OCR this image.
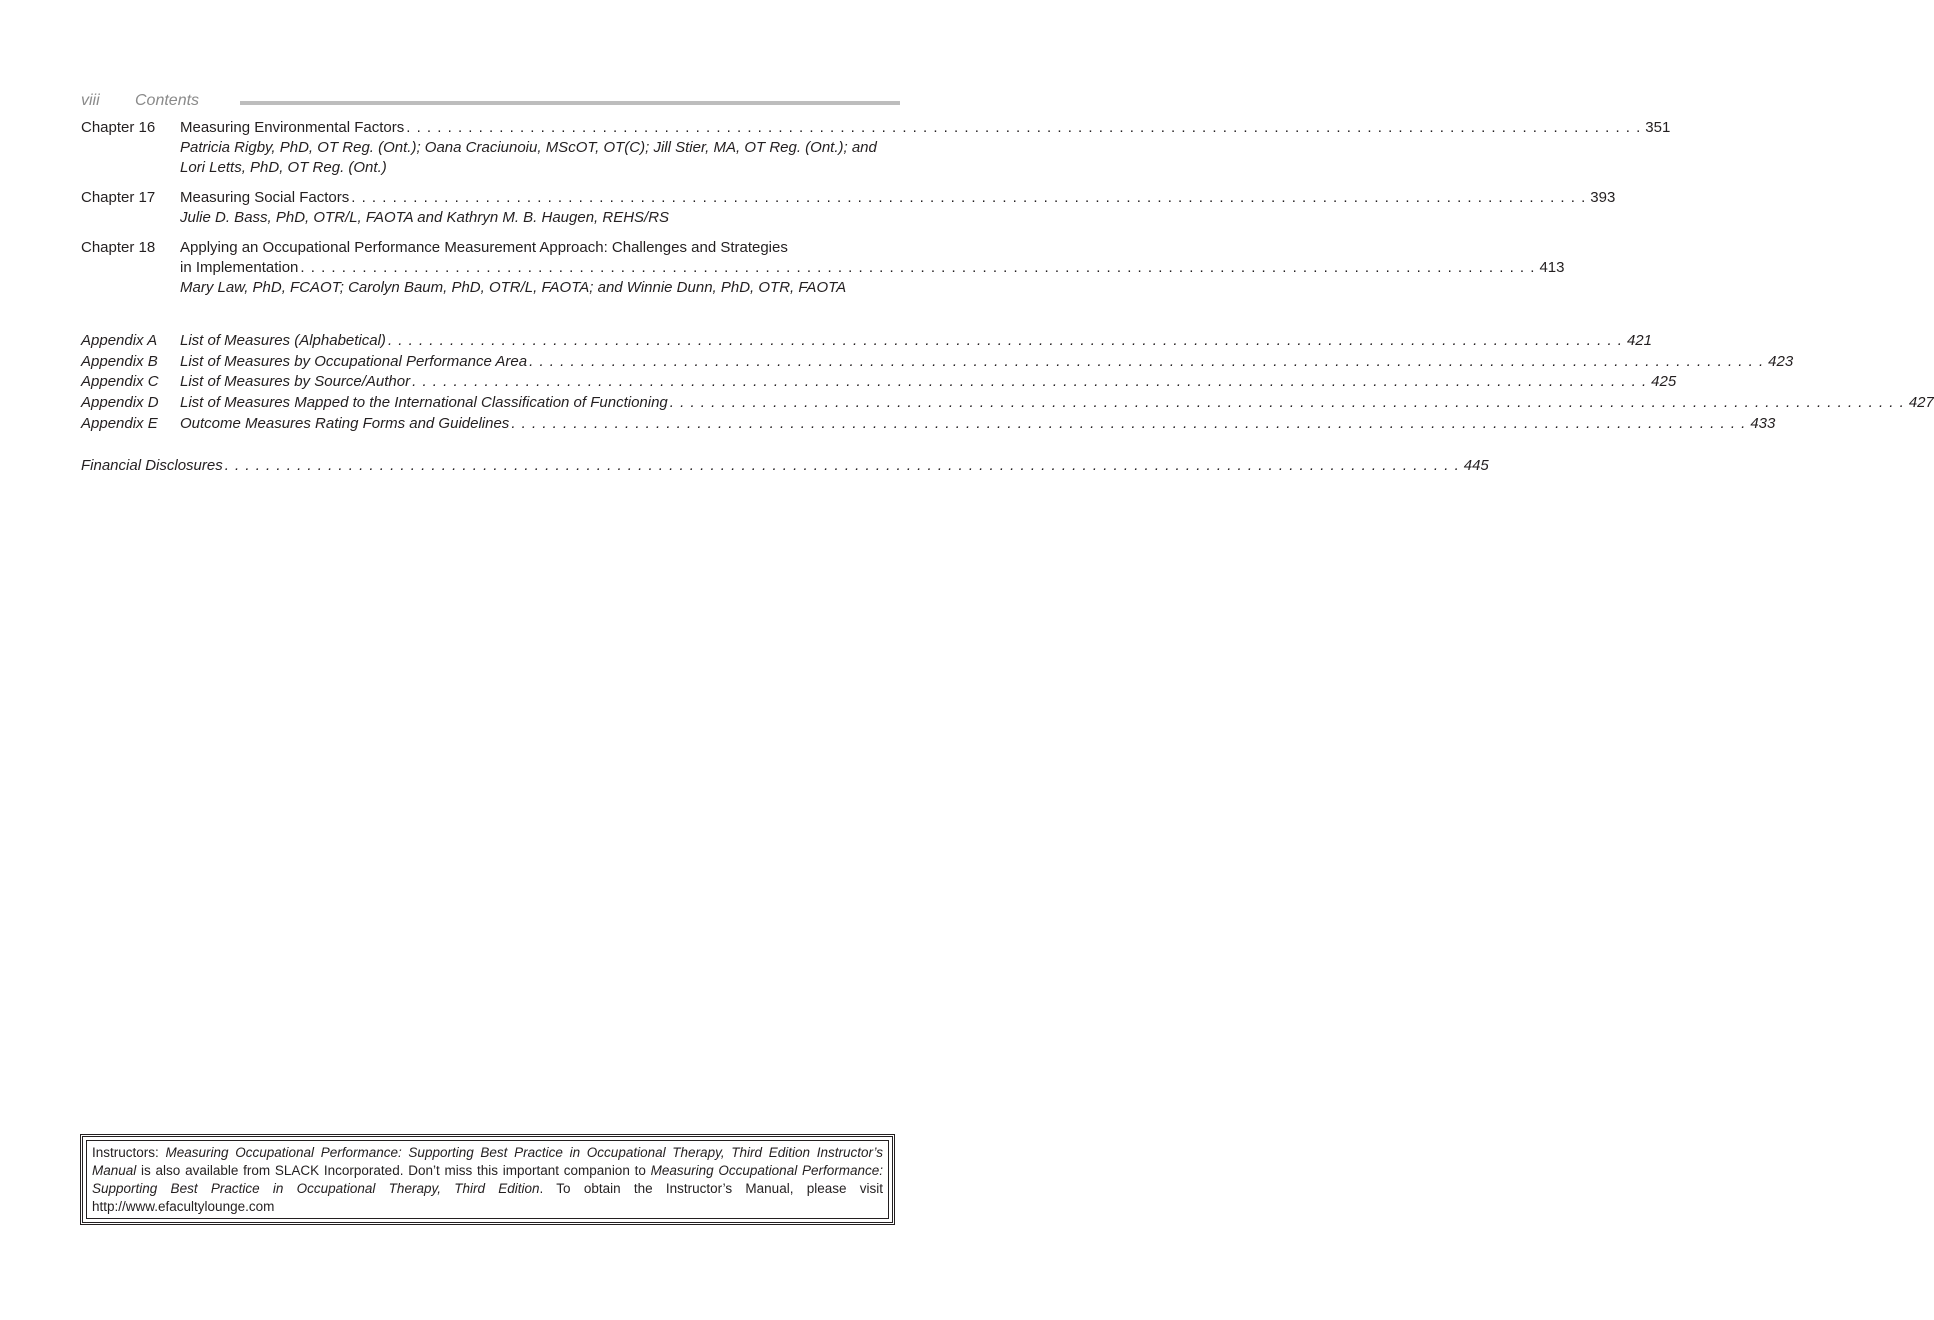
viii Contents
Chapter 16 Measuring Environmental Factors . . . . . . . . . . . . . . . . . . . . . . . . . . . . . . . . . . . . . . . . . . . . . . . . . . . . . . . . . . . . . . . . . . . . . . . . . . . . . . . . . . . . . . . . . . . . . . . . . . . . . . . . . . . . . . . . . . . . . . . . 351
Patricia Rigby, PhD, OT Reg. (Ont.); Oana Craciunoiu, MScOT, OT(C); Jill Stier, MA, OT Reg. (Ont.); and
Lori Letts, PhD, OT Reg. (Ont.)
Chapter 17 Measuring Social Factors . . . . . . . . . . . . . . . . . . . . . . . . . . . . . . . . . . . . . . . . . . . . . . . . . . . . . . . . . . . . . . . . . . . . . . . . . . . . . . . . . . . . . . . . . . . . . . . . . . . . . . . . . . . . . . . . . . . . . . . . 393
Julie D. Bass, PhD, OTR/L, FAOTA and Kathryn M. B. Haugen, REHS/RS
Chapter 18 Applying an Occupational Performance Measurement Approach: Challenges and Strategies
in Implementation . . . . . . . . . . . . . . . . . . . . . . . . . . . . . . . . . . . . . . . . . . . . . . . . . . . . . . . . . . . . . . . . . . . . . . . . . . . . . . . . . . . . . . . . . . . . . . . . . . . . . . . . . . . . . . . . . . . . . . . . 413
Mary Law, PhD, FCAOT; Carolyn Baum, PhD, OTR/L, FAOTA; and Winnie Dunn, PhD, OTR, FAOTA
Appendix A List of Measures (Alphabetical) . . . . . . . . . . . . . . . . . . . . . . . . . . . . . . . . . . . . . . . . . . . . . . . . . . . . . . . . . . . . . . . . . . . . . . . . . . . . . . . . . . . . . . . . . . . . . . . . . . . . . . . . . . . . . . . . . . . . . . . . 421
Appendix B List of Measures by Occupational Performance Area . . . . . . . . . . . . . . . . . . . . . . . . . . . . . . . . . . . . . . . . . . . . . . . . . . . . . . . . . . . . . . . . . . . . . . . . . . . . . . . . . . . . . . . . . . . . . . . . . . . . . . . . . . . . . . . . . . . . . . . . 423
Appendix C List of Measures by Source/Author . . . . . . . . . . . . . . . . . . . . . . . . . . . . . . . . . . . . . . . . . . . . . . . . . . . . . . . . . . . . . . . . . . . . . . . . . . . . . . . . . . . . . . . . . . . . . . . . . . . . . . . . . . . . . . . . . . . . . . . . 425
Appendix D List of Measures Mapped to the International Classification of Functioning . . . . . . . . . . . . . . . . . . . . . . . . . . . . . . . . . . . . . . . . . . . . . . . . . . . . . . . . . . . . . . . . . . . . . . . . . . . . . . . . . . . . . . . . . . . . . . . . . . . . . . . . . . . . . . . . . . . . . . . . 427
Appendix E Outcome Measures Rating Forms and Guidelines . . . . . . . . . . . . . . . . . . . . . . . . . . . . . . . . . . . . . . . . . . . . . . . . . . . . . . . . . . . . . . . . . . . . . . . . . . . . . . . . . . . . . . . . . . . . . . . . . . . . . . . . . . . . . . . . . . . . . . . . 433
Financial Disclosures . . . . . . . . . . . . . . . . . . . . . . . . . . . . . . . . . . . . . . . . . . . . . . . . . . . . . . . . . . . . . . . . . . . . . . . . . . . . . . . . . . . . . . . . . . . . . . . . . . . . . . . . . . . . . . . . . . . . . . . . 445
Instructors: Measuring Occupational Performance: Supporting Best Practice in Occupational Therapy, Third Edition Instructor’s Manual is also available from SLACK Incorporated. Don’t miss this important companion to Measuring Occupational Performance: Supporting Best Practice in Occupational Therapy, Third Edition. To obtain the Instructor’s Manual, please visit http://www.efacultylounge.com
